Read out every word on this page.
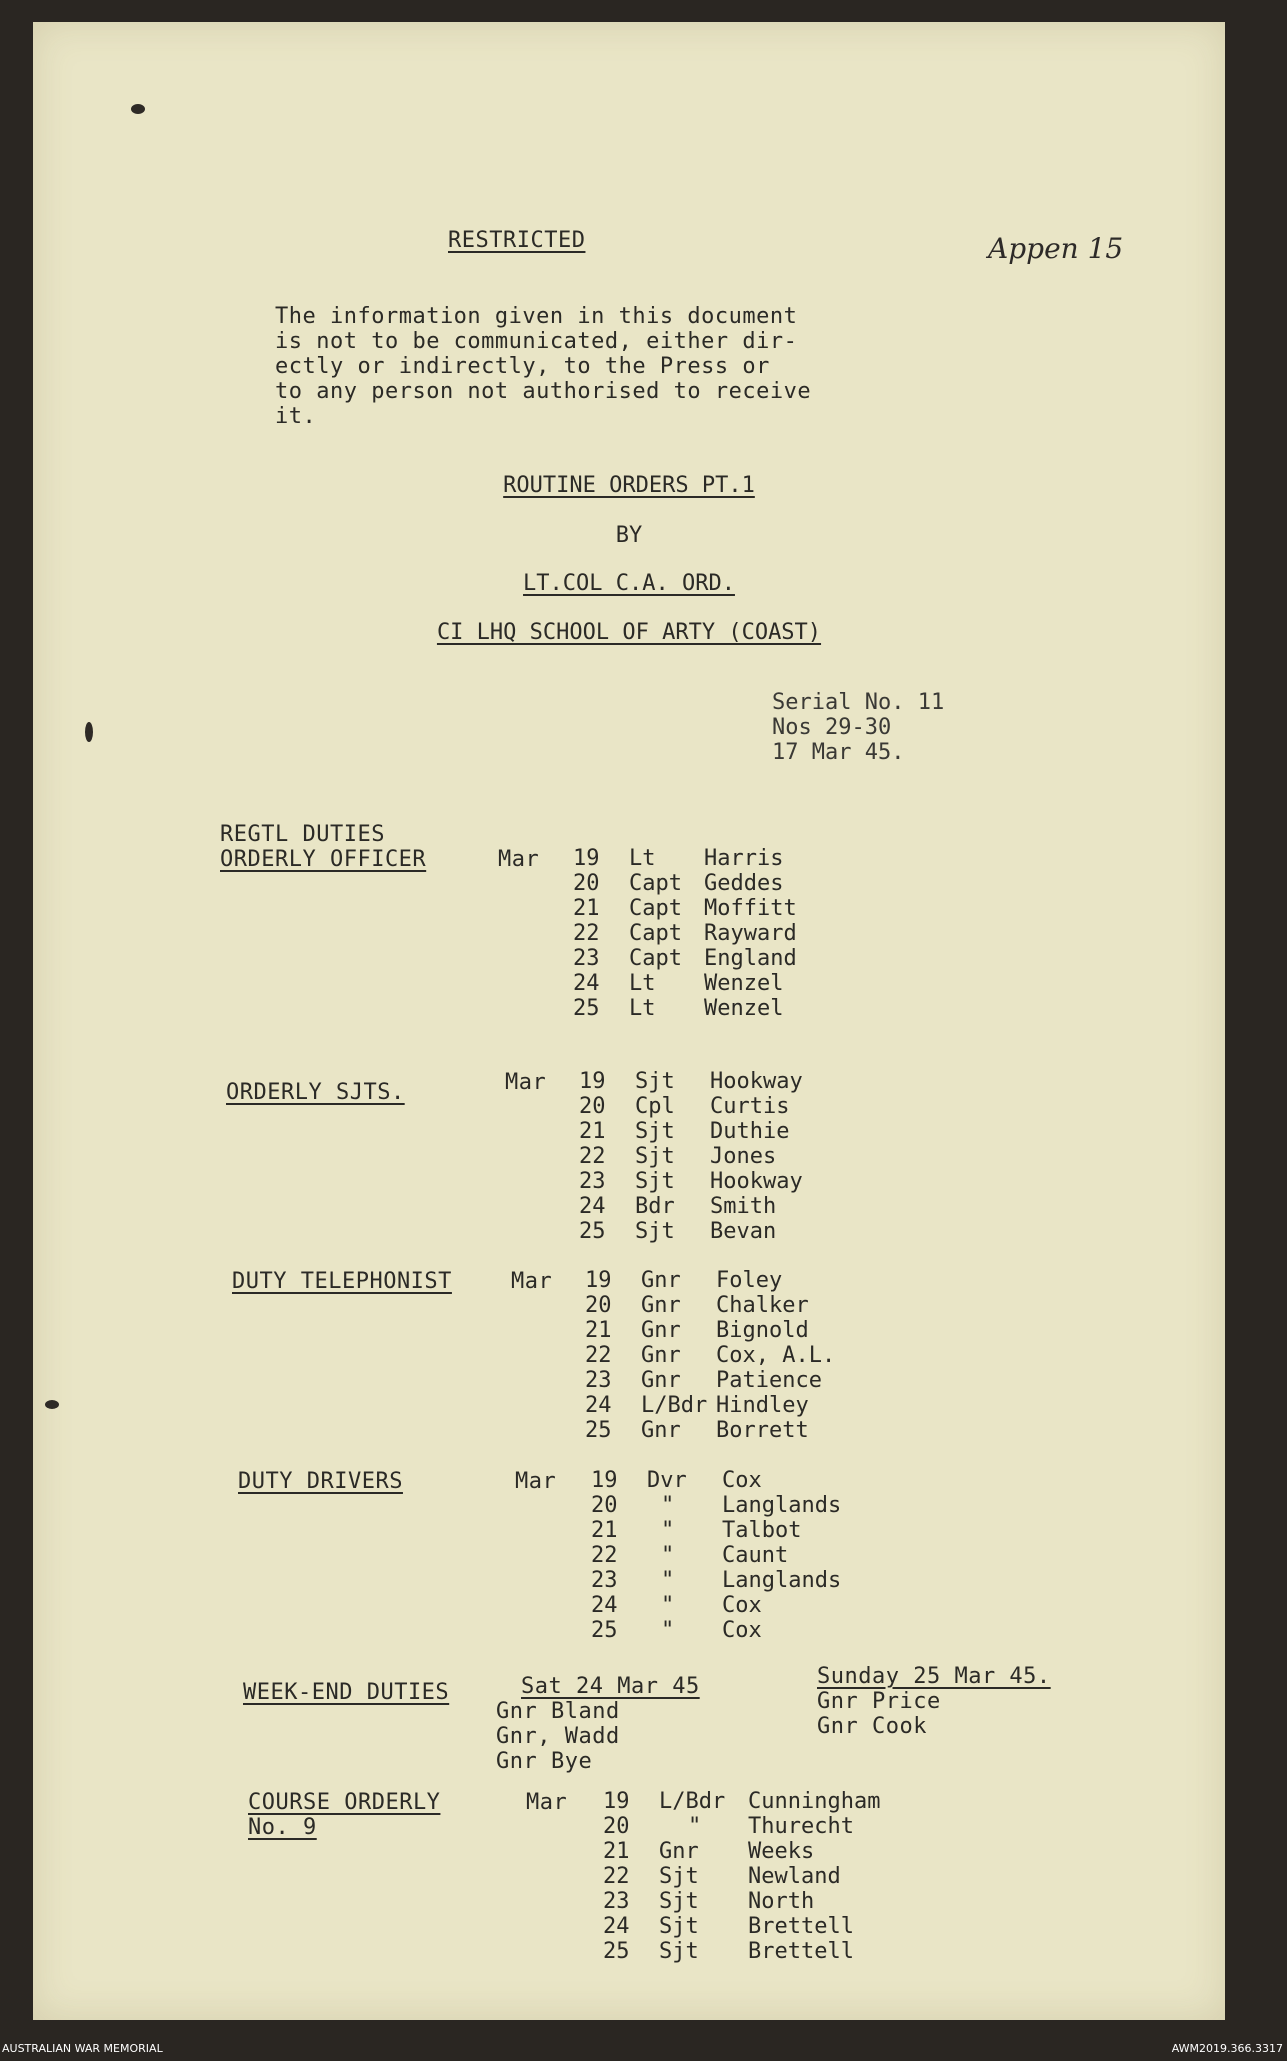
Appen 15
RESTRICTED
The information given in this document
is not to be communicated, either dir-
ectly or indirectly, to the Press or
to any person not authorised to receive
it.
ROUTINE ORDERS PT.1
BY
LT.COL C.A. ORD.
CI LHQ SCHOOL OF ARTY (COAST)
Serial No. 11
Nos 29-30
17 Mar 45.
REGTL DUTIES
ORDERLY OFFICER	Mar 19 Lt Harris
20 Capt Geddes
21 Capt Moffitt
22 Capt Rayward
23 Capt England
24 Lt Wenzel
25 Lt Wenzel
ORDERLY SJTS.	Mar 19 Sjt Hookway
20 Cpl Curtis
21 Sjt Duthie
22 Sjt Jones
23 Sjt Hookway
24 Bdr Smith
25 Sjt Bevan
DUTY TELEPHONIST	Mar 19 Gnr Foley
20 Gnr Chalker
21 Gnr Bignold
22 Gnr Cox, A.L.
23 Gnr Patience
24 L/Bdr Hindley
25 Gnr Borrett
DUTY DRIVERS	Mar 19 Dvr Cox
20 " Langlands
21 " Talbot
22 " Caunt
23 " Langlands
24 " Cox
25 " Cox
WEEK-END DUTIES	Sat 24 Mar 45
Gnr Bland
Gnr, Wadd
Gnr Bye
Sunday 25 Mar 45.
Gnr Price
Gnr Cook
COURSE ORDERLY
No. 9
Mar 19 L/Bdr Cunningham
20	" Thurecht
21 Gnr Weeks
22 Sjt Newland
23 Sjt North
24 Sjt Brettell
25 Sjt Brettell
AUSTRALIAN WAR MEMORIAL	AWM2019.366.3317
